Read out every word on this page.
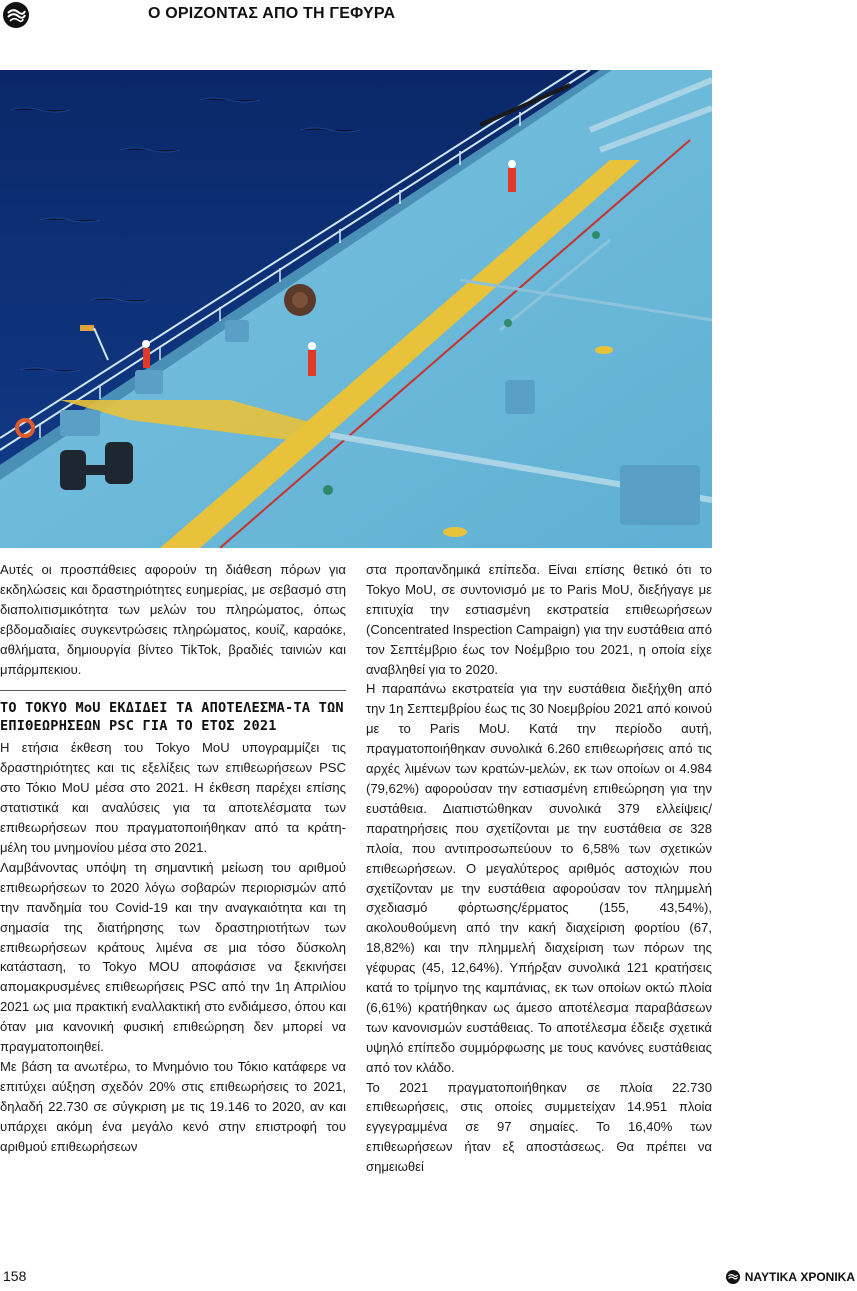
Ο ΟΡΙΖΟΝΤΑΣ ΑΠΟ ΤΗ ΓΕΦΥΡΑ

Αυτές οι προσπάθειες αφορούν τη διάθεση πόρων για εκδηλώσεις και δραστηριότητες ευημερίας, με σεβασμό στη διαπολιτισμικότητα των μελών του πληρώματος, όπως εβδομαδιαίες συγκεντρώσεις πληρώματος, κουίζ, καραόκε, αθλήματα, δημιουργία βίντεο TikTok, βραδιές ταινιών και μπάρμπεκιου.

ΤΟ TOKYO MoU ΕΚΔΙΔΕΙ ΤΑ ΑΠΟΤΕΛΕΣΜΑ-ΤΑ ΤΩΝ ΕΠΙΘΕΩΡΗΣΕΩΝ PSC ΓΙΑ ΤΟ ΕΤΟΣ 2021

Η ετήσια έκθεση του Tokyo MoU υπογραμμίζει τις δραστηριότητες και τις εξελίξεις των επιθεωρήσεων PSC στο Τόκιο MoU μέσα στο 2021. Η έκθεση παρέχει επίσης στατιστικά και αναλύσεις για τα αποτελέσματα των επιθεωρήσεων που πραγματοποιήθηκαν από τα κράτη-μέλη του μνημονίου μέσα στο 2021.

Λαμβάνοντας υπόψη τη σημαντική μείωση του αριθμού επιθεωρήσεων το 2020 λόγω σοβαρών περιορισμών από την πανδημία του Covid-19 και την αναγκαιότητα και τη σημασία της διατήρησης των δραστηριοτήτων των επιθεωρήσεων κράτους λιμένα σε μια τόσο δύσκολη κατάσταση, το Tokyo MOU αποφάσισε να ξεκινήσει απομακρυσμένες επιθεωρήσεις PSC από την 1η Απριλίου 2021 ως μια πρακτική εναλλακτική στο ενδιάμεσο, όπου και όταν μια κανονική φυσική επιθεώρηση δεν μπορεί να πραγματοποιηθεί.

Με βάση τα ανωτέρω, το Μνημόνιο του Τόκιο κατάφερε να επιτύχει αύξηση σχεδόν 20% στις επιθεωρήσεις το 2021, δηλαδή 22.730 σε σύγκριση με τις 19.146 το 2020, αν και υπάρχει ακόμη ένα μεγάλο κενό στην επιστροφή του αριθμού επιθεωρήσεων

στα προπανδημικά επίπεδα. Είναι επίσης θετικό ότι το Tokyo MoU, σε συντονισμό με το Paris MoU, διεξήγαγε με επιτυχία την εστιασμένη εκστρατεία επιθεωρήσεων (Concentrated Inspection Campaign) για την ευστάθεια από τον Σεπτέμβριο έως τον Νοέμβριο του 2021, η οποία είχε αναβληθεί για το 2020.

Η παραπάνω εκστρατεία για την ευστάθεια διεξήχθη από την 1η Σεπτεμβρίου έως τις 30 Νοεμβρίου 2021 από κοινού με το Paris MoU. Κατά την περίοδο αυτή, πραγματοποιήθηκαν συνολικά 6.260 επιθεωρήσεις από τις αρχές λιμένων των κρατών-μελών, εκ των οποίων οι 4.984 (79,62%) αφορούσαν την εστιασμένη επιθεώρηση για την ευστάθεια. Διαπιστώθηκαν συνολικά 379 ελλείψεις/παρατηρήσεις που σχετίζονται με την ευστάθεια σε 328 πλοία, που αντιπροσωπεύουν το 6,58% των σχετικών επιθεωρήσεων. Ο μεγαλύτερος αριθμός αστοχιών που σχετίζονταν με την ευστάθεια αφορούσαν τον πλημμελή σχεδιασμό φόρτωσης/έρματος (155, 43,54%), ακολουθούμενη από την κακή διαχείριση φορτίου (67, 18,82%) και την πλημμελή διαχείριση των πόρων της γέφυρας (45, 12,64%). Υπήρξαν συνολικά 121 κρατήσεις κατά το τρίμηνο της καμπάνιας, εκ των οποίων οκτώ πλοία (6,61%) κρατήθηκαν ως άμεσο αποτέλεσμα παραβάσεων των κανονισμών ευστάθειας. Το αποτέλεσμα έδειξε σχετικά υψηλό επίπεδο συμμόρφωσης με τους κανόνες ευστάθειας από τον κλάδο.

Το 2021 πραγματοποιήθηκαν σε πλοία 22.730 επιθεωρήσεις, στις οποίες συμμετείχαν 14.951 πλοία εγγεγραμμένα σε 97 σημαίες. Το 16,40% των επιθεωρήσεων ήταν εξ αποστάσεως. Θα πρέπει να σημειωθεί

158	ΝΑΥΤΙΚΑ ΧΡΟΝΙΚΑ
